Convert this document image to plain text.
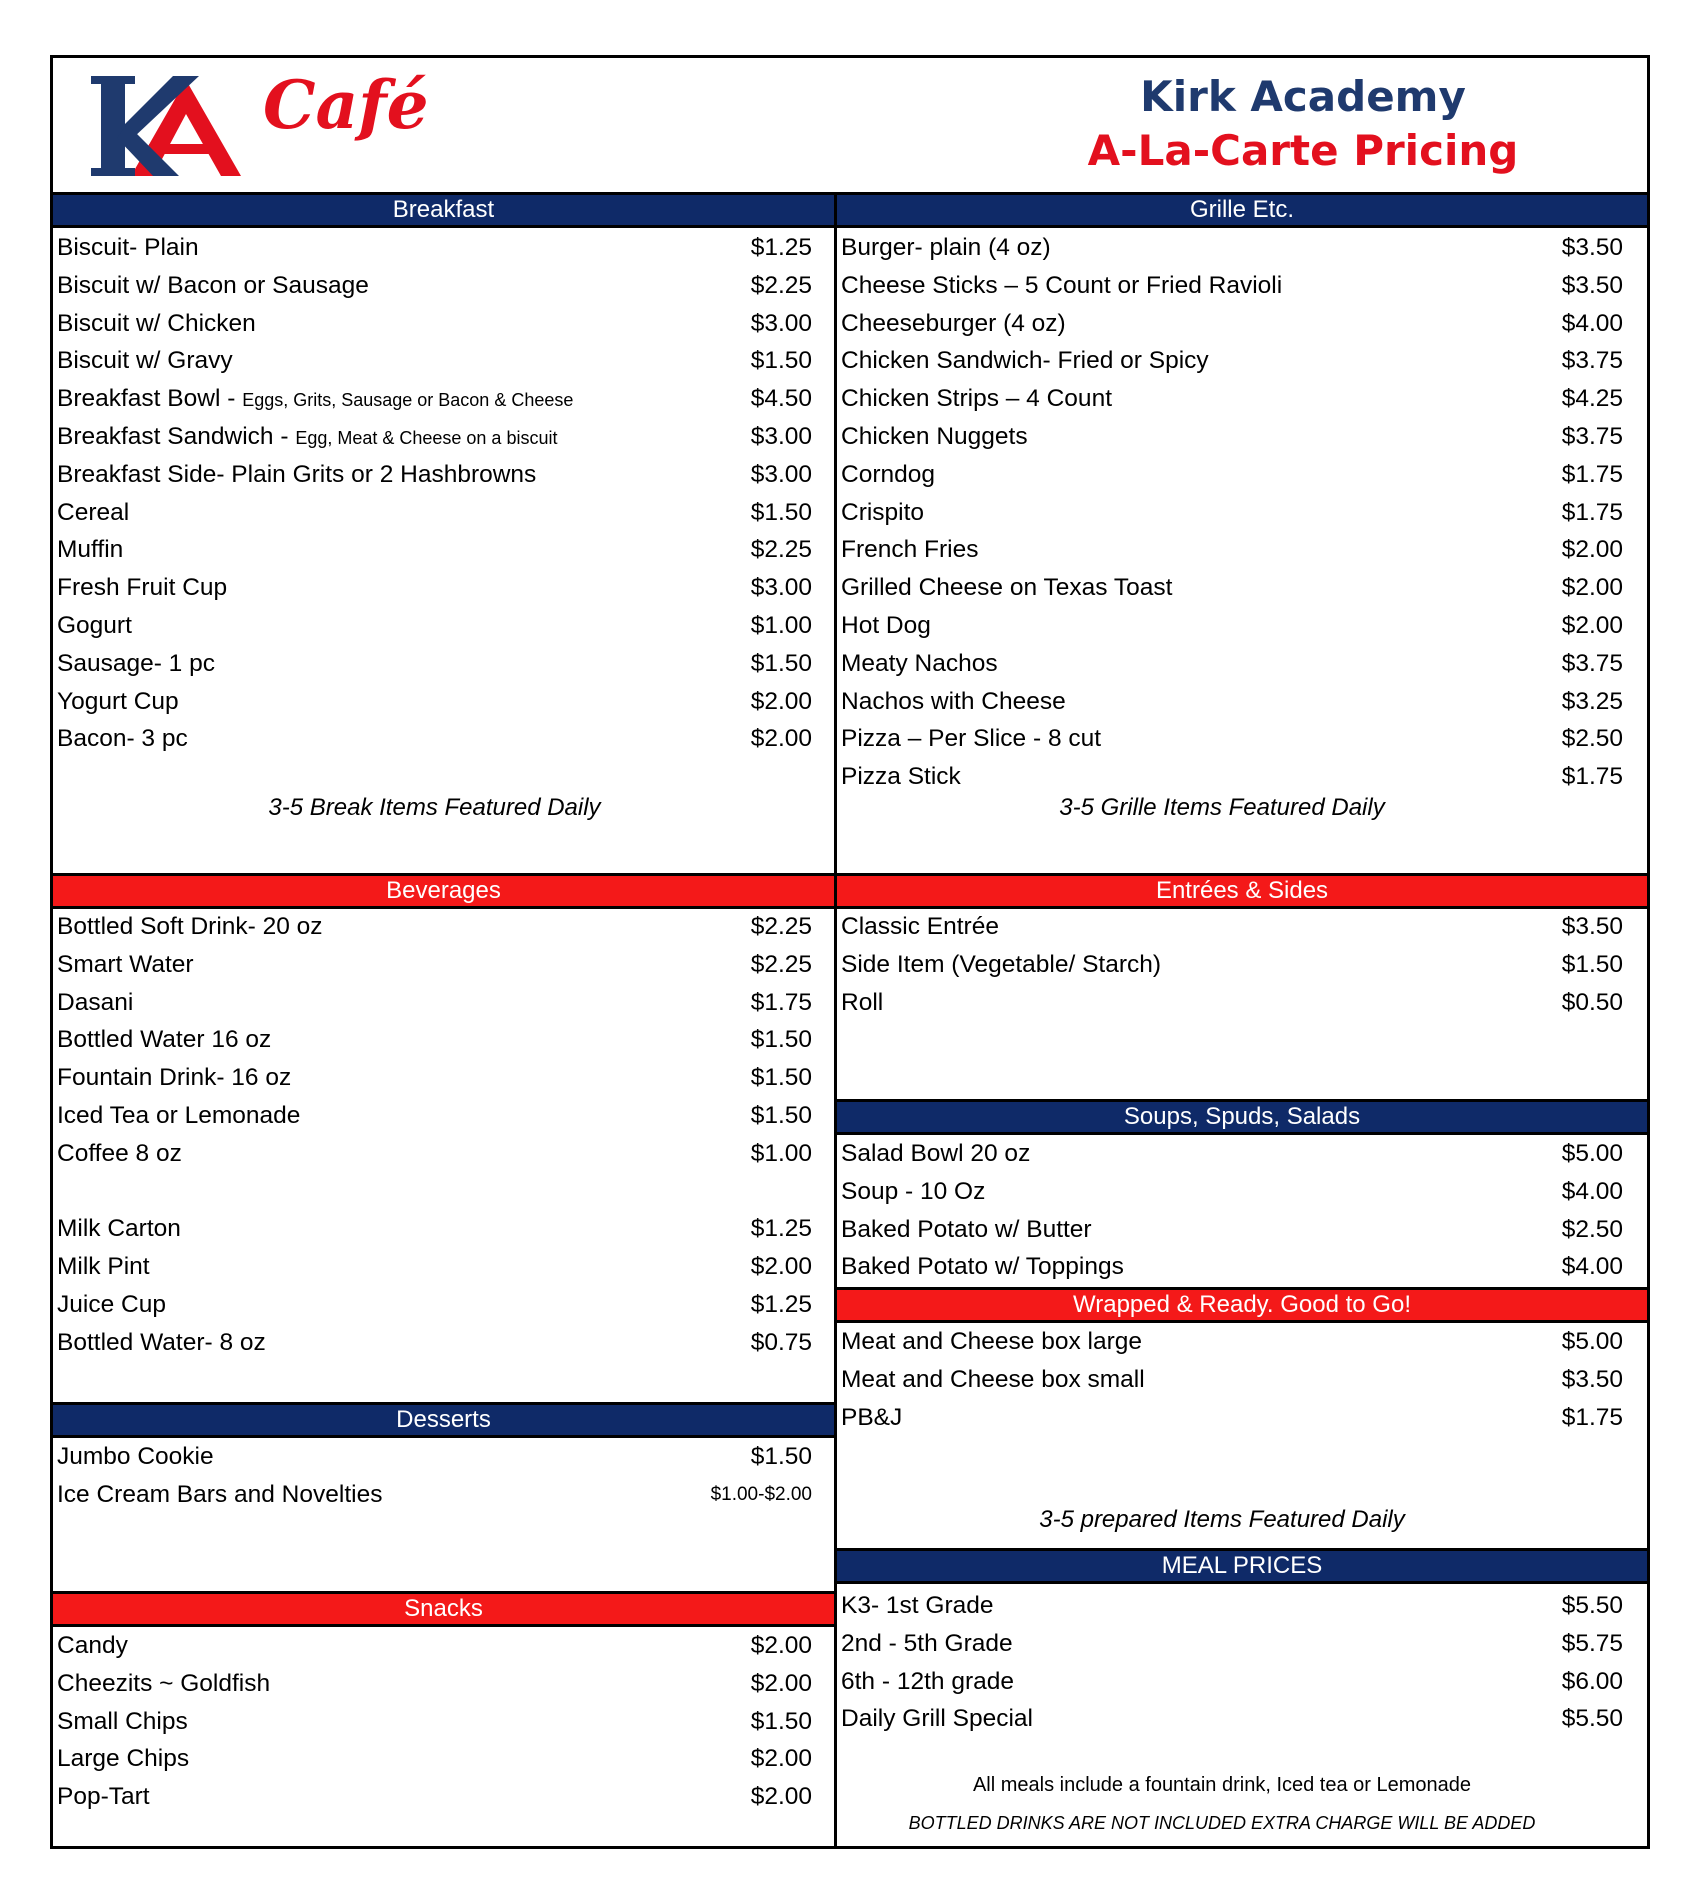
Café	Kirk Academy
A-La-Carte Pricing
Breakfast
Biscuit- Plain	$1.25
Biscuit w/ Bacon or Sausage	$2.25
Biscuit w/ Chicken	$3.00
Biscuit w/ Gravy	$1.50
Breakfast Bowl - Eggs, Grits, Sausage or Bacon & Cheese	$4.50
Breakfast Sandwich - Egg, Meat & Cheese on a biscuit	$3.00
Breakfast Side- Plain Grits or 2 Hashbrowns	$3.00
Cereal	$1.50
Muffin	$2.25
Fresh Fruit Cup	$3.00
Gogurt	$1.00
Sausage- 1 pc	$1.50
Yogurt Cup	$2.00
Bacon- 3 pc	$2.00
3-5 Break Items Featured Daily
Beverages
Bottled Soft Drink- 20 oz	$2.25
Smart Water	$2.25
Dasani	$1.75
Bottled Water 16 oz	$1.50
Fountain Drink- 16 oz	$1.50
Iced Tea or Lemonade	$1.50
Coffee 8 oz	$1.00
Milk Carton	$1.25
Milk Pint	$2.00
Juice Cup	$1.25
Bottled Water- 8 oz	$0.75
Desserts
Jumbo Cookie	$1.50
Ice Cream Bars and Novelties	$1.00-$2.00
Snacks
Candy	$2.00
Cheezits ~ Goldfish	$2.00
Small Chips	$1.50
Large Chips	$2.00
Pop-Tart	$2.00
Grille Etc.
Burger- plain (4 oz)	$3.50
Cheese Sticks – 5 Count or Fried Ravioli	$3.50
Cheeseburger (4 oz)	$4.00
Chicken Sandwich- Fried or Spicy	$3.75
Chicken Strips – 4 Count	$4.25
Chicken Nuggets	$3.75
Corndog	$1.75
Crispito	$1.75
French Fries	$2.00
Grilled Cheese on Texas Toast	$2.00
Hot Dog	$2.00
Meaty Nachos	$3.75
Nachos with Cheese	$3.25
Pizza – Per Slice - 8 cut	$2.50
Pizza Stick	$1.75
3-5 Grille Items Featured Daily
Entrées & Sides
Classic Entrée	$3.50
Side Item (Vegetable/ Starch)	$1.50
Roll	$0.50
Soups, Spuds, Salads
Salad Bowl 20 oz	$5.00
Soup - 10 Oz	$4.00
Baked Potato w/ Butter	$2.50
Baked Potato w/ Toppings	$4.00
Wrapped & Ready. Good to Go!
Meat and Cheese box large	$5.00
Meat and Cheese box small	$3.50
PB&J	$1.75
3-5 prepared Items Featured Daily
MEAL PRICES
K3- 1st Grade	$5.50
2nd - 5th Grade	$5.75
6th - 12th grade	$6.00
Daily Grill Special	$5.50
All meals include a fountain drink, Iced tea or Lemonade
BOTTLED DRINKS ARE NOT INCLUDED EXTRA CHARGE WILL BE ADDED
